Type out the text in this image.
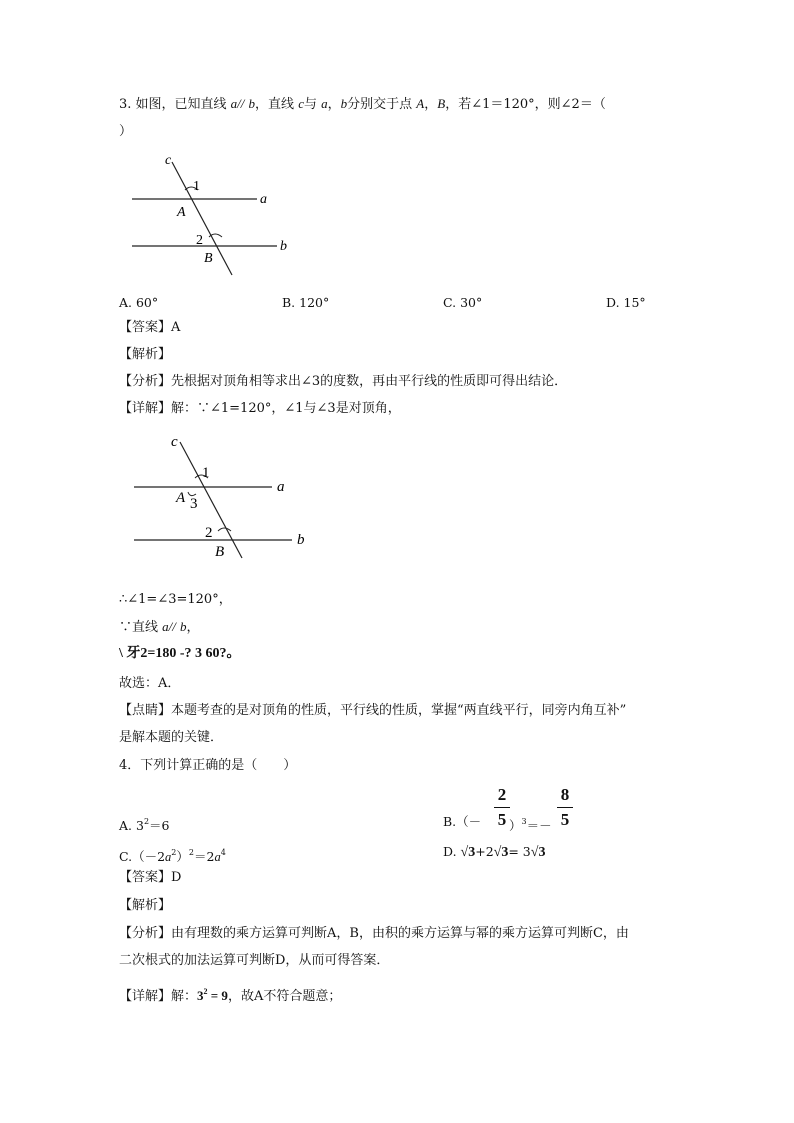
3. 如图，已知直线 a// b，直线 c与 a，b分别交于点 A，B，若∠1＝120°，则∠2＝（
）
c
1
A
a
2
B
b
A. 60°	B. 120°	C. 30°	D. 15°
【答案】A
【解析】
【分析】先根据对顶角相等求出∠3的度数，再由平行线的性质即可得出结论．
【详解】解：∵∠1=120°，∠1与∠3是对顶角，
c
1
A 3
a
2
B
b
∴∠1=∠3=120°，
∵直线 a// b，
\ 牙2=180 -? 3 60?。
故选：A．
【点睛】本题考查的是对顶角的性质，平行线的性质，掌握“两直线平行，同旁内角互补”
是解本题的关键．
4．下列计算正确的是（　　）
A. $3^2=6$	B.（－
2
5 ）$^3$＝－
8
5
$C.(-2a^2)^2=2a^4$	D. √3+2√3= 3√3
【答案】D
【解析】
【分析】由有理数的乘方运算可判断A，B，由积的乘方运算与幂的乘方运算可判断C，由
二次根式的加法运算可判断D，从而可得答案．
【详解】解：$3^2 = 9$，故A不符合题意；
